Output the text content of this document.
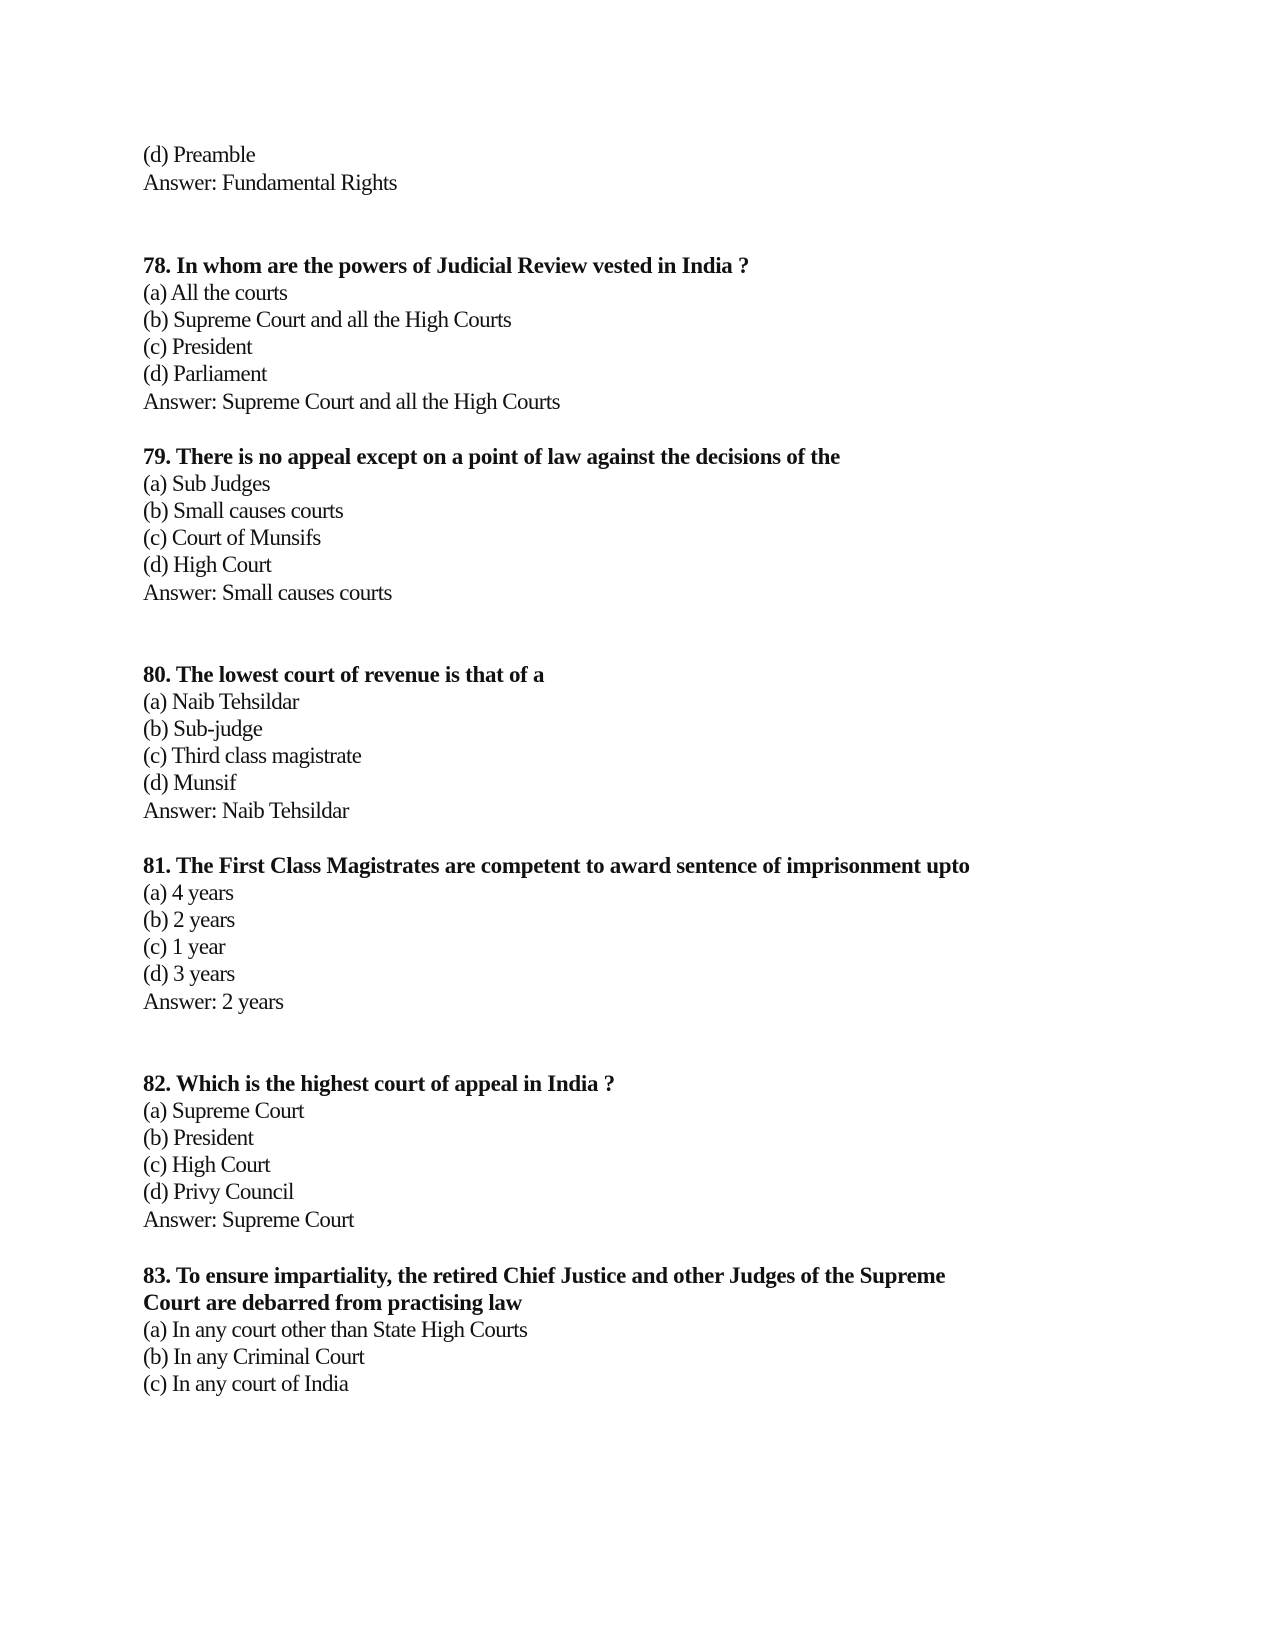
(d) Preamble
Answer: Fundamental Rights
78. In whom are the powers of Judicial Review vested in India ?
(a) All the courts
(b) Supreme Court and all the High Courts
(c) President
(d) Parliament
Answer: Supreme Court and all the High Courts
79. There is no appeal except on a point of law against the decisions of the
(a) Sub Judges
(b) Small causes courts
(c) Court of Munsifs
(d) High Court
Answer: Small causes courts
80. The lowest court of revenue is that of a
(a) Naib Tehsildar
(b) Sub-judge
(c) Third class magistrate
(d) Munsif
Answer: Naib Tehsildar
81. The First Class Magistrates are competent to award sentence of imprisonment upto
(a) 4 years
(b) 2 years
(c) 1 year
(d) 3 years
Answer: 2 years
82. Which is the highest court of appeal in India ?
(a) Supreme Court
(b) President
(c) High Court
(d) Privy Council
Answer: Supreme Court
83. To ensure impartiality, the retired Chief Justice and other Judges of the Supreme
Court are debarred from practising law
(a) In any court other than State High Courts
(b) In any Criminal Court
(c) In any court of India
